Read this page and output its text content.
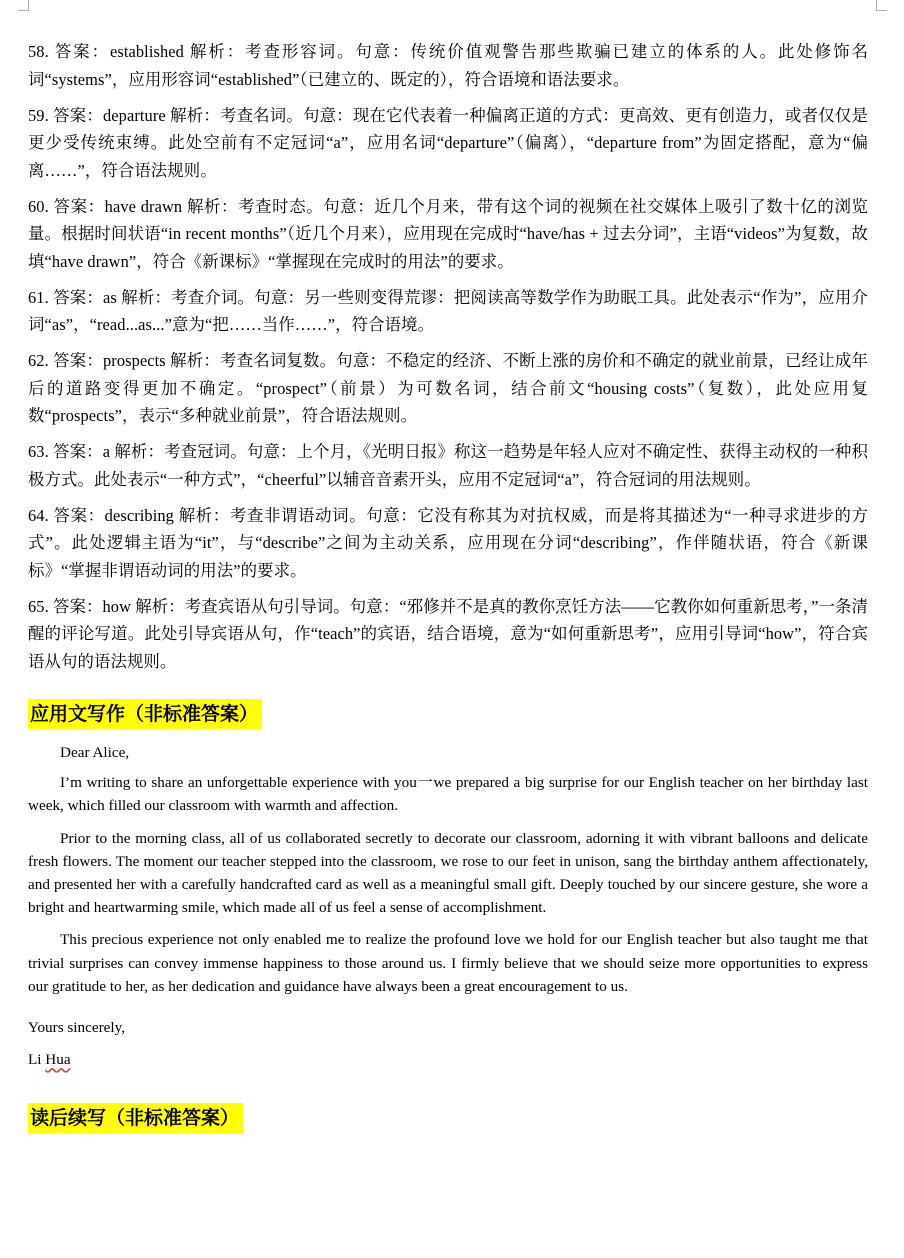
58. 答案：established 解析：考查形容词。句意：传统价值观警告那些欺骗已建立的体系的人。此处修饰名词“systems”，应用形容词“established”（已建立的、既定的），符合语境和语法要求。

59. 答案：departure 解析：考查名词。句意：现在它代表着一种偏离正道的方式：更高效、更有创造力，或者仅仅是更少受传统束缚。此处空前有不定冠词“a”，应用名词“departure”（偏离），“departure from”为固定搭配，意为“偏离……”，符合语法规则。

60. 答案：have drawn 解析：考查时态。句意：近几个月来，带有这个词的视频在社交媒体上吸引了数十亿的浏览量。根据时间状语“in recent months”（近几个月来），应用现在完成时“have/has + 过去分词”，主语“videos”为复数，故填“have drawn”，符合《新课标》“掌握现在完成时的用法”的要求。

61. 答案：as 解析：考查介词。句意：另一些则变得荒谬：把阅读高等数学作为助眠工具。此处表示“作为”，应用介词“as”，“read...as...”意为“把……当作……”，符合语境。

62. 答案：prospects 解析：考查名词复数。句意：不稳定的经济、不断上涨的房价和不确定的就业前景，已经让成年后的道路变得更加不确定。“prospect”（前景）为可数名词，结合前文“housing costs”（复数），此处应用复数“prospects”，表示“多种就业前景”，符合语法规则。

63. 答案：a 解析：考查冠词。句意：上个月，《光明日报》称这一趋势是年轻人应对不确定性、获得主动权的一种积极方式。此处表示“一种方式”，“cheerful”以辅音音素开头，应用不定冠词“a”，符合冠词的用法规则。

64. 答案：describing 解析：考查非谓语动词。句意：它没有称其为对抗权威，而是将其描述为“一种寻求进步的方式”。此处逻辑主语为“it”，与“describe”之间为主动关系，应用现在分词“describing”，作伴随状语，符合《新课标》“掌握非谓语动词的用法”的要求。

65. 答案：how 解析：考查宾语从句引导词。句意：“邪修并不是真的教你烹饪方法——它教你如何重新思考，”一条清醒的评论写道。此处引导宾语从句，作“teach”的宾语，结合语境，意为“如何重新思考”，应用引导词“how”，符合宾语从句的语法规则。

应用文写作（非标准答案）

Dear Alice,

I’m writing to share an unforgettable experience with you一we prepared a big surprise for our English teacher on her birthday last week, which filled our classroom with warmth and affection.

Prior to the morning class, all of us collaborated secretly to decorate our classroom, adorning it with vibrant balloons and delicate fresh flowers. The moment our teacher stepped into the classroom, we rose to our feet in unison, sang the birthday anthem affectionately, and presented her with a carefully handcrafted card as well as a meaningful small gift. Deeply touched by our sincere gesture, she wore a bright and heartwarming smile, which made all of us feel a sense of accomplishment.

This precious experience not only enabled me to realize the profound love we hold for our English teacher but also taught me that trivial surprises can convey immense happiness to those around us. I firmly believe that we should seize more opportunities to express our gratitude to her, as her dedication and guidance have always been a great encouragement to us.

Yours sincerely,

Li Hua

读后续写（非标准答案）
